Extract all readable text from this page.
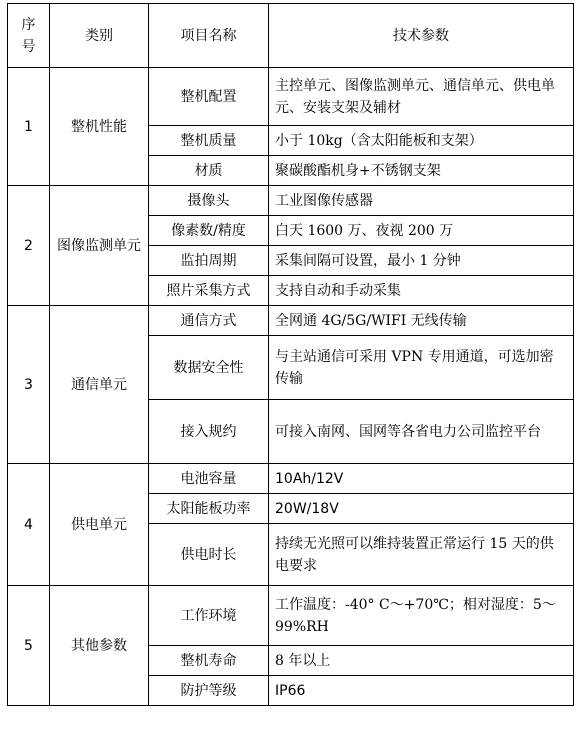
序号	类别	项目名称	技术参数
1	整机性能	整机配置	主控单元、图像监测单元、通信单元、供电单元、安装支架及辅材
		整机质量	小于 10kg（含太阳能板和支架）
		材质	聚碳酸酯机身+不锈钢支架
2	图像监测单元	摄像头	工业图像传感器
		像素数/精度	白天 1600 万、夜视 200 万
		监拍周期	采集间隔可设置，最小 1 分钟
		照片采集方式	支持自动和手动采集
3	通信单元	通信方式	全网通 4G/5G/WIFI 无线传输
		数据安全性	与主站通信可采用 VPN 专用通道，可选加密传输
		接入规约	可接入南网、国网等各省电力公司监控平台
4	供电单元	电池容量	10Ah/12V
		太阳能板功率	20W/18V
		供电时长	持续无光照可以维持装置正常运行 15 天的供电要求
5	其他参数	工作环境	工作温度：-40° C～+70℃；相对湿度：5～99%RH
		整机寿命	8 年以上
		防护等级	IP66
